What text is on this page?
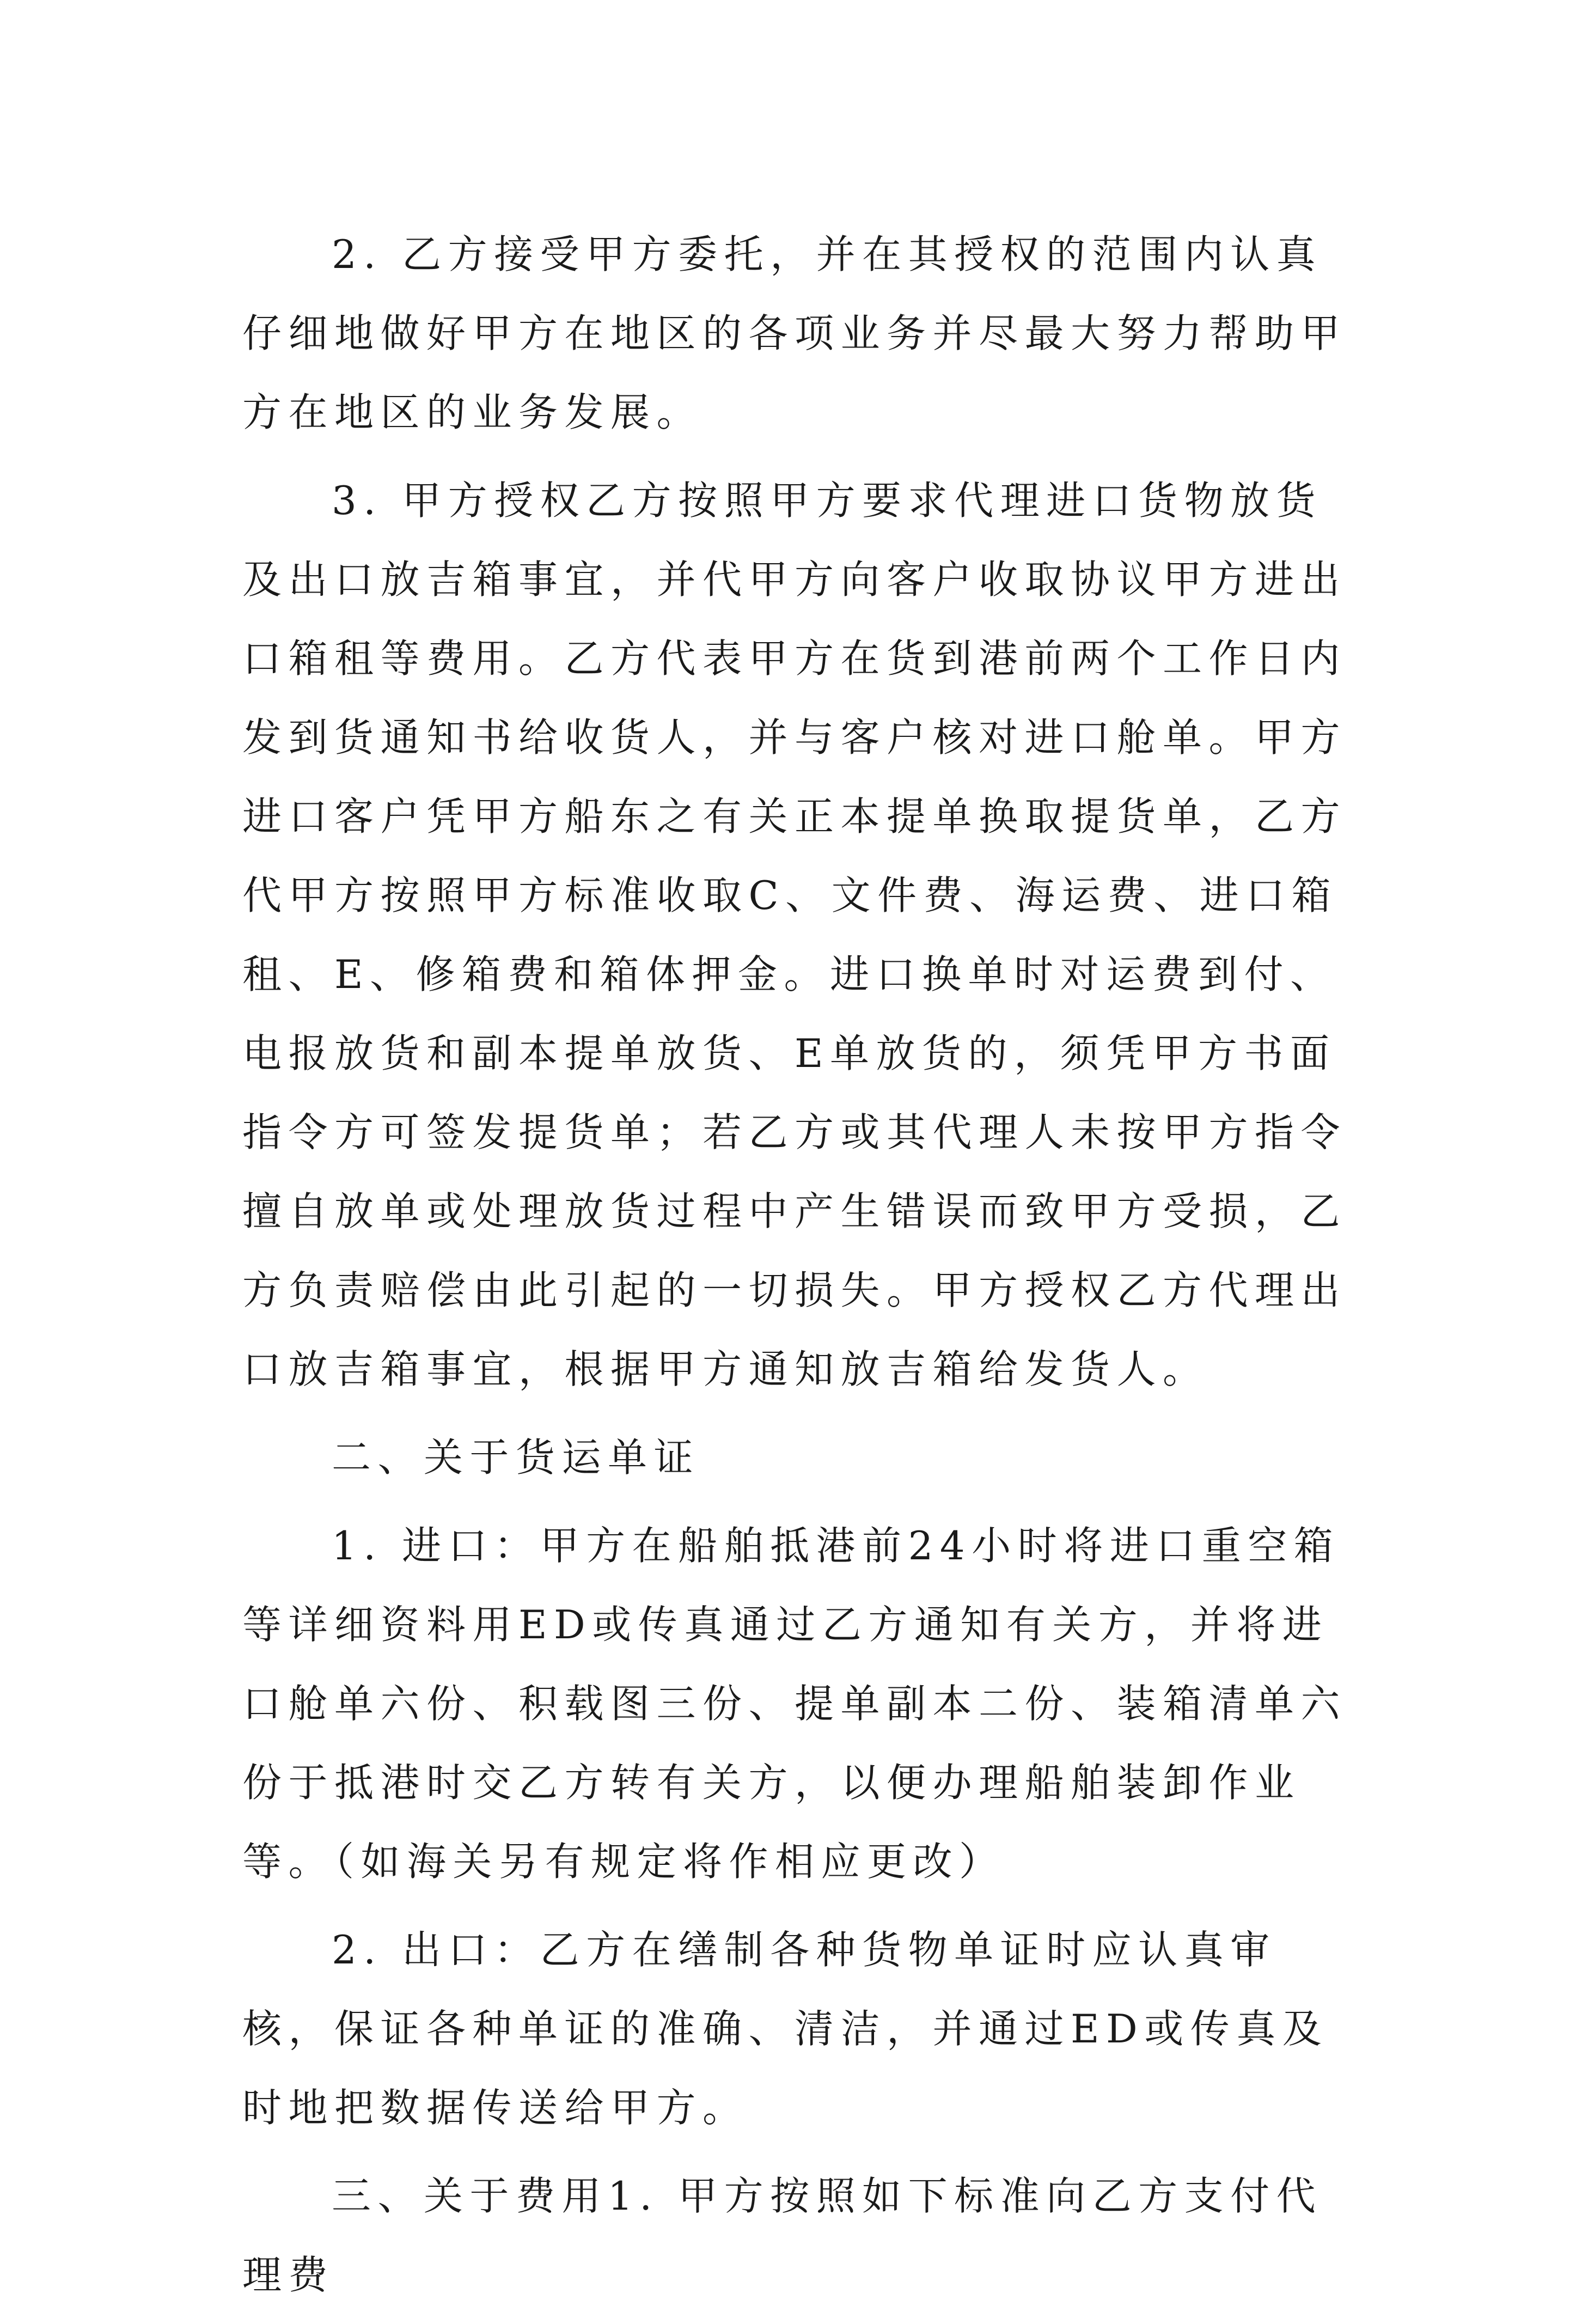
2. 乙方接受甲方委托，并在其授权的范围内认真仔细地做好甲方在地区的各项业务并尽最大努力帮助甲方在地区的业务发展。

3. 甲方授权乙方按照甲方要求代理进口货物放货及出口放吉箱事宜，并代甲方向客户收取协议甲方进出口箱租等费用。乙方代表甲方在货到港前两个工作日内发到货通知书给收货人，并与客户核对进口舱单。甲方进口客户凭甲方船东之有关正本提单换取提货单，乙方代甲方按照甲方标准收取C、文件费、海运费、进口箱租、E、修箱费和箱体押金。进口换单时对运费到付、电报放货和副本提单放货、E单放货的，须凭甲方书面指令方可签发提货单；若乙方或其代理人未按甲方指令擅自放单或处理放货过程中产生错误而致甲方受损，乙方负责赔偿由此引起的一切损失。甲方授权乙方代理出口放吉箱事宜，根据甲方通知放吉箱给发货人。

二、关于货运单证

1. 进口：甲方在船舶抵港前24小时将进口重空箱等详细资料用ED或传真通过乙方通知有关方，并将进口舱单六份、积载图三份、提单副本二份、装箱清单六份于抵港时交乙方转有关方，以便办理船舶装卸作业等。（如海关另有规定将作相应更改）

2. 出口：乙方在缮制各种货物单证时应认真审核，保证各种单证的准确、清洁，并通过ED或传真及时地把数据传送给甲方。

三、关于费用1. 甲方按照如下标准向乙方支付代理费
